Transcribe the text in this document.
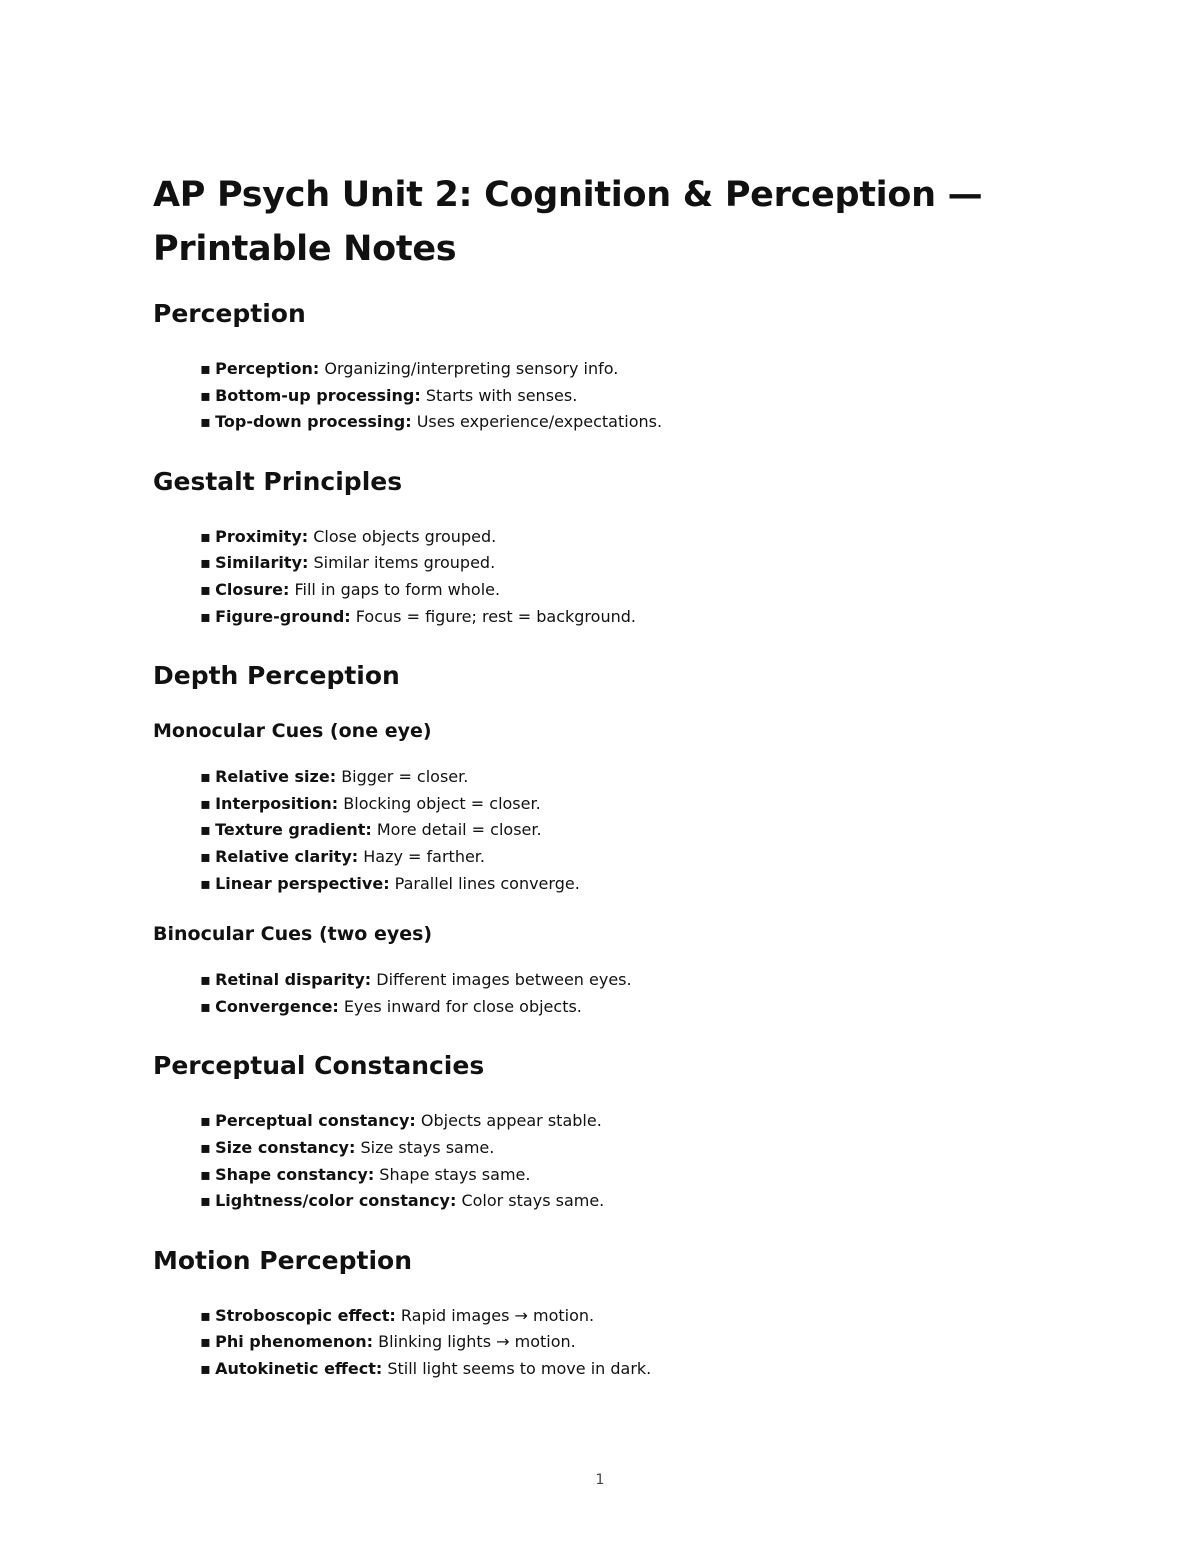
AP Psych Unit 2: Cognition & Perception —
Printable Notes
Perception
▪ Perception: Organizing/interpreting sensory info.
▪ Bottom-up processing: Starts with senses.
▪ Top-down processing: Uses experience/expectations.
Gestalt Principles
▪ Proximity: Close objects grouped.
▪ Similarity: Similar items grouped.
▪ Closure: Fill in gaps to form whole.
▪ Figure-ground: Focus = figure; rest = background.
Depth Perception
Monocular Cues (one eye)
▪ Relative size: Bigger = closer.
▪ Interposition: Blocking object = closer.
▪ Texture gradient: More detail = closer.
▪ Relative clarity: Hazy = farther.
▪ Linear perspective: Parallel lines converge.
Binocular Cues (two eyes)
▪ Retinal disparity: Different images between eyes.
▪ Convergence: Eyes inward for close objects.
Perceptual Constancies
▪ Perceptual constancy: Objects appear stable.
▪ Size constancy: Size stays same.
▪ Shape constancy: Shape stays same.
▪ Lightness/color constancy: Color stays same.
Motion Perception
▪ Stroboscopic effect: Rapid images → motion.
▪ Phi phenomenon: Blinking lights → motion.
▪ Autokinetic effect: Still light seems to move in dark.
1
